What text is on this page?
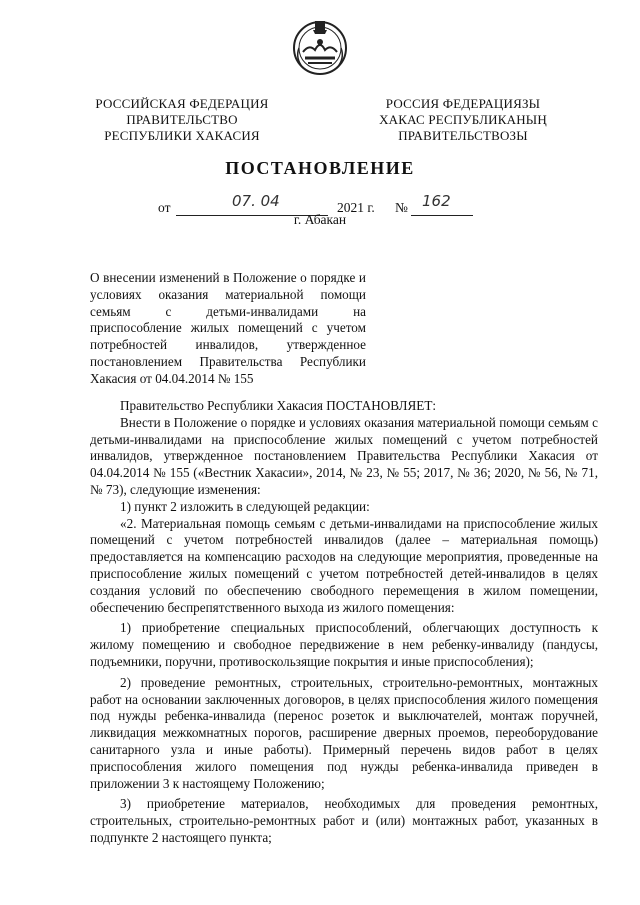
РОССИЙСКАЯ ФЕДЕРАЦИЯ
ПРАВИТЕЛЬСТВО
РЕСПУБЛИКИ ХАКАСИЯ
РОССИЯ ФЕДЕРАЦИЯЗЫ
ХАКАС РЕСПУБЛИКАНЫҢ
ПРАВИТЕЛЬСТВОЗЫ
ПОСТАНОВЛЕНИЕ
от	07. 04	2021 г. № 162
г. Абакан
О внесении изменений в Положение о порядке и условиях оказания материальной помощи семьям с детьми-инвалидами на приспособление жилых помещений с учетом потребностей инвалидов, утвержденное постановлением Правительства Республики Хакасия от 04.04.2014 № 155

Правительство Республики Хакасия ПОСТАНОВЛЯЕТ:

Внести в Положение о порядке и условиях оказания материальной помощи семьям с детьми-инвалидами на приспособление жилых помещений с учетом потребностей инвалидов, утвержденное постановлением Правительства Республики Хакасия от 04.04.2014 № 155 («Вестник Хакасии», 2014, № 23, № 55; 2017, № 36; 2020, № 56, № 71, № 73), следующие изменения:

1) пункт 2 изложить в следующей редакции:

«2. Материальная помощь семьям с детьми-инвалидами на приспособление жилых помещений с учетом потребностей инвалидов (далее – материальная помощь) предоставляется на компенсацию расходов на следующие мероприятия, проведенные на приспособление жилых помещений с учетом потребностей детей-инвалидов в целях создания условий по обеспечению свободного перемещения в жилом помещении, обеспечению беспрепятственного выхода из жилого помещения:

1) приобретение специальных приспособлений, облегчающих доступность к жилому помещению и свободное передвижение в нем ребенку-инвалиду (пандусы, подъемники, поручни, противоскользящие покрытия и иные приспособления);

2) проведение ремонтных, строительных, строительно-ремонтных, монтажных работ на основании заключенных договоров, в целях приспособления жилого помещения под нужды ребенка-инвалида (перенос розеток и выключателей, монтаж поручней, ликвидация межкомнатных порогов, расширение дверных проемов, переоборудование санитарного узла и иные работы). Примерный перечень видов работ в целях приспособления жилого помещения под нужды ребенка-инвалида приведен в приложении 3 к настоящему Положению;

3) приобретение материалов, необходимых для проведения ремонтных, строительных, строительно-ремонтных работ и (или) монтажных работ, указанных в подпункте 2 настоящего пункта;
